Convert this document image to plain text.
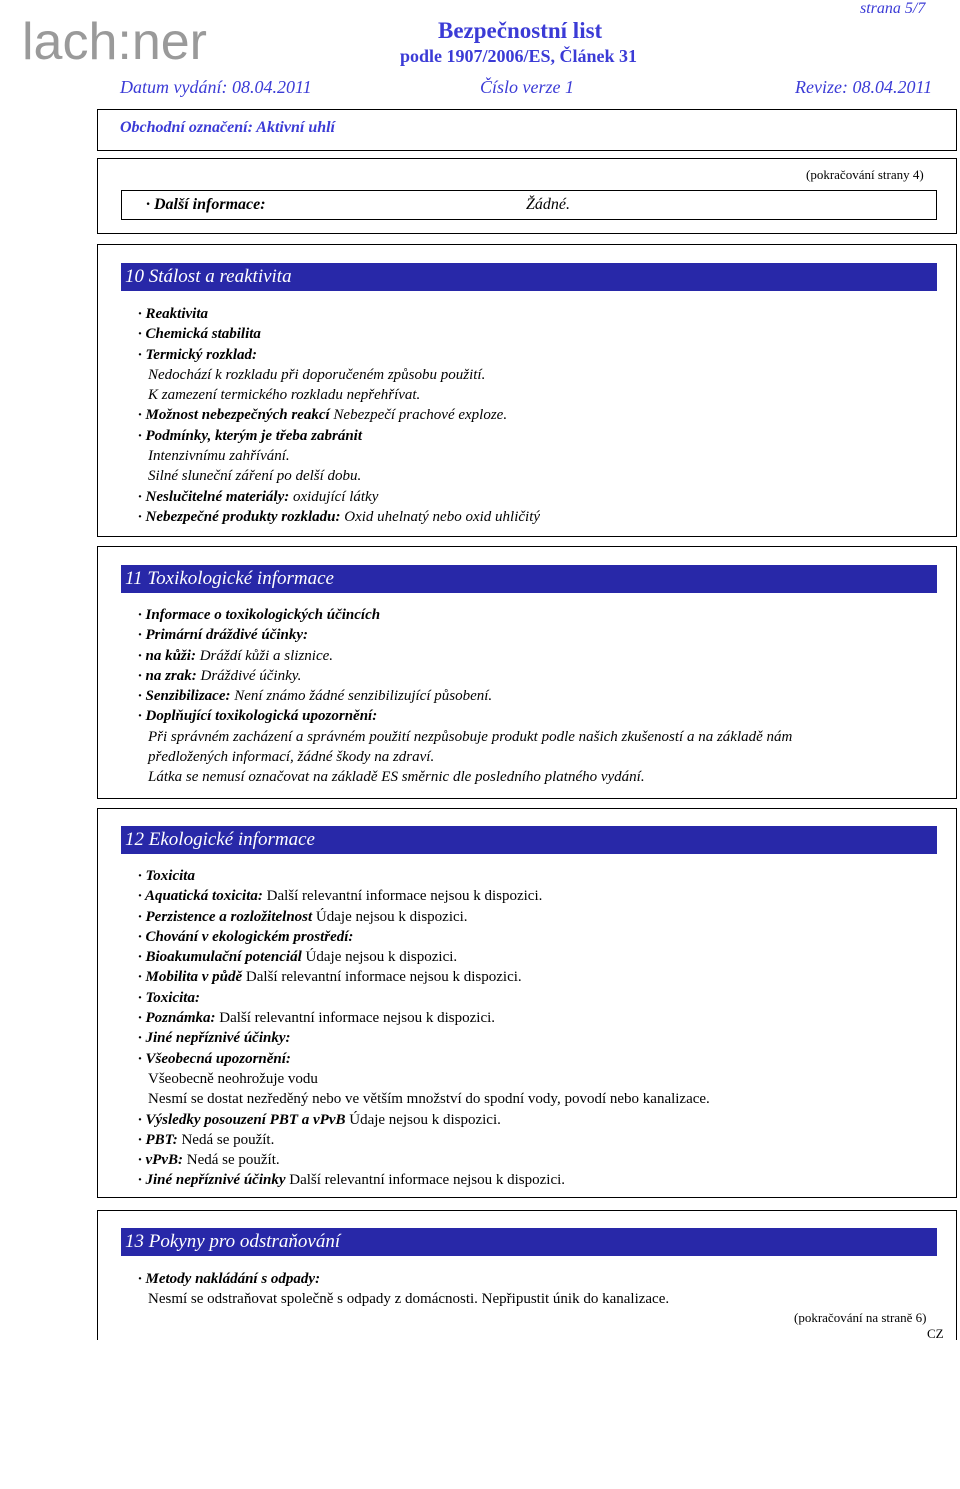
lach:ner
strana 5/7
Bezpečnostní list
podle 1907/2006/ES, Článek 31
Datum vydání: 08.04.2011	Číslo verze 1	Revize: 08.04.2011
Obchodní označení: Aktivní uhlí
(pokračování strany 4)
· Další informace:	Žádné.
10 Stálost a reaktivita
· Reaktivita
· Chemická stabilita
· Termický rozklad:
Nedochází k rozkladu při doporučeném způsobu použití.
K zamezení termického rozkladu nepřehřívat.
· Možnost nebezpečných reakcí Nebezpečí prachové exploze.
· Podmínky, kterým je třeba zabránit
Intenzivnímu zahřívání.
Silné sluneční záření po delší dobu.
· Neslučitelné materiály: oxidující látky
· Nebezpečné produkty rozkladu: Oxid uhelnatý nebo oxid uhličitý
11 Toxikologické informace
· Informace o toxikologických účincích
· Primární dráždivé účinky:
· na kůži: Dráždí kůži a sliznice.
· na zrak: Dráždivé účinky.
· Senzibilizace: Není známo žádné senzibilizující působení.
· Doplňující toxikologická upozornění:
Při správném zacházení a správném použití nezpůsobuje produkt podle našich zkušeností a na základě nám
předložených informací, žádné škody na zdraví.
Látka se nemusí označovat na základě ES směrnic dle posledního platného vydání.
12 Ekologické informace
· Toxicita
· Aquatická toxicita: Další relevantní informace nejsou k dispozici.
· Perzistence a rozložitelnost Údaje nejsou k dispozici.
· Chování v ekologickém prostředí:
· Bioakumulační potenciál Údaje nejsou k dispozici.
· Mobilita v půdě Další relevantní informace nejsou k dispozici.
· Toxicita:
· Poznámka: Další relevantní informace nejsou k dispozici.
· Jiné nepříznivé účinky:
· Všeobecná upozornění:
Všeobecně neohrožuje vodu
Nesmí se dostat nezředěný nebo ve větším množství do spodní vody, povodí nebo kanalizace.
· Výsledky posouzení PBT a vPvB Údaje nejsou k dispozici.
· PBT: Nedá se použít.
· vPvB: Nedá se použít.
· Jiné nepříznivé účinky Další relevantní informace nejsou k dispozici.
13 Pokyny pro odstraňování
· Metody nakládání s odpady:
Nesmí se odstraňovat společně s odpady z domácnosti. Nepřipustit únik do kanalizace.
(pokračování na straně 6)
CZ
